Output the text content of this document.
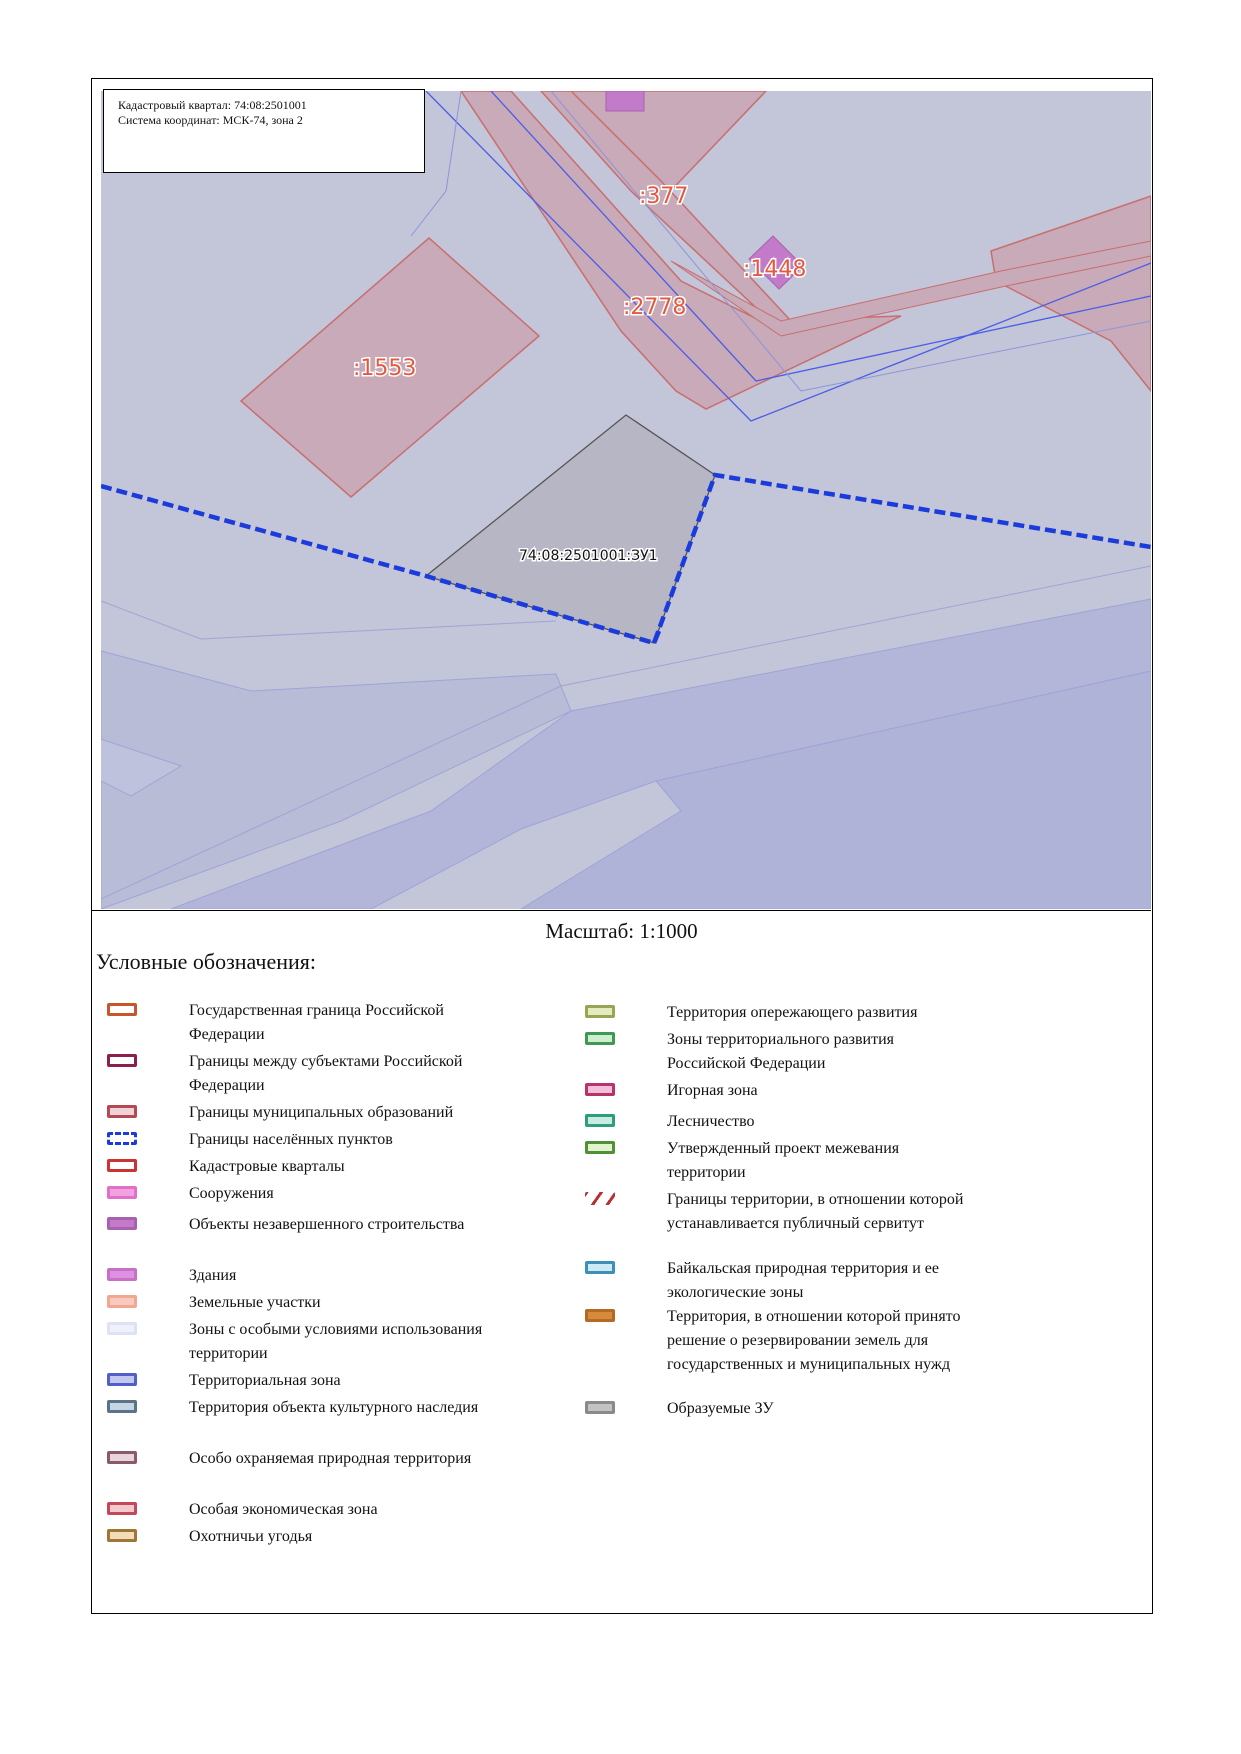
:377
:1448
:2778
:1553
74:08:2501001:ЗУ1
Кадастровый квартал: 74:08:2501001
Система координат: МСК-74, зона 2
Масштаб: 1:1000
Условные обозначения:
Государственная граница Российской Федерации
Границы между субъектами Российской Федерации
Границы муниципальных образований
Границы населённых пунктов
Кадастровые кварталы
Сооружения
Объекты незавершенного строительства
Здания
Земельные участки
Зоны с особыми условиями использования территории
Территориальная зона
Территория объекта культурного наследия
Особо охраняемая природная территория
Особая экономическая зона
Охотничьи угодья
Территория опережающего развития
Зоны территориального развития Российской Федерации
Игорная зона
Лесничество
Утвержденный проект межевания территории
Границы территории, в отношении которой устанавливается публичный сервитут
Байкальская природная территория и ее экологические зоны
Территория, в отношении которой принято решение о резервировании земель для государственных и муниципальных нужд
Образуемые ЗУ
